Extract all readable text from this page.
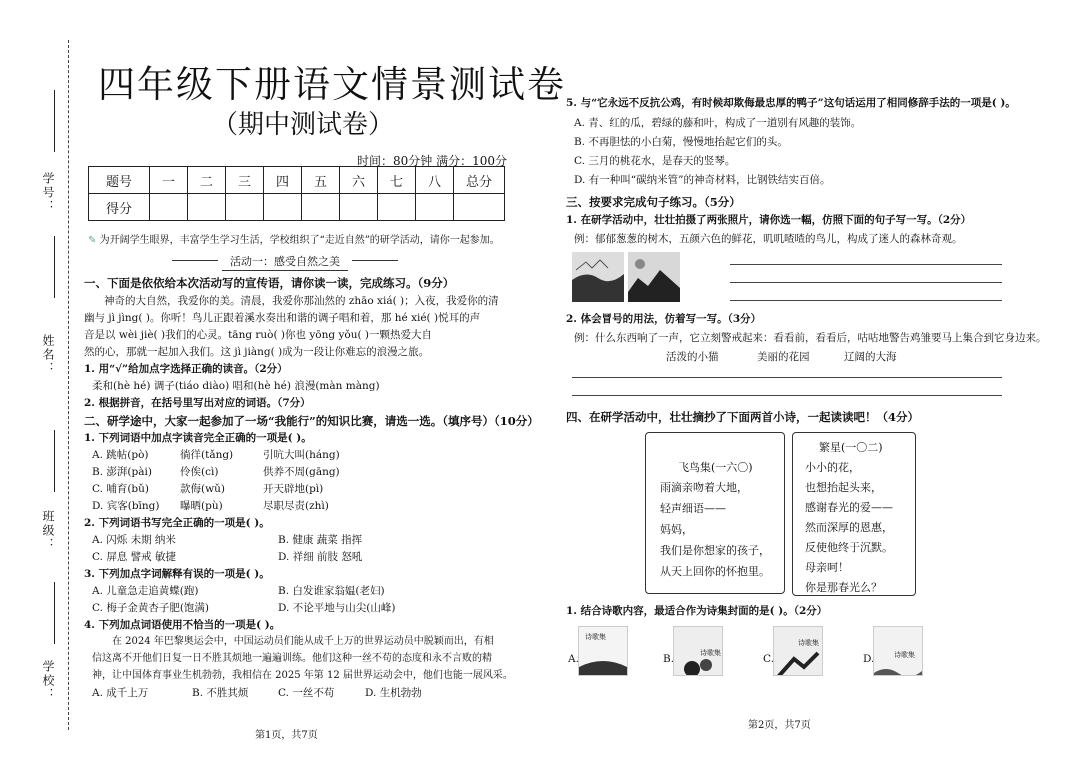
学号：
姓名：
班级：
学校：
四年级下册语文情景测试卷
（期中测试卷）
时间：80分钟 满分：100分
题号	一	二	三	四	五	六	七	八	总分
得分									
✎ 为开阔学生眼界，丰富学生学习生活，学校组织了“走近自然”的研学活动，请你一起参加。
活动一：感受自然之美
一、下面是依依给本次活动写的宣传语，请你读一读，完成练习。（9分）
神奇的大自然，我爱你的美。清晨，我爱你那汕然的 zhāo xiá( )；入夜，我爱你的清
幽与 jì jìng( )。你听！鸟儿正跟着溪水奏出和谐的调子唱和着，那 hé xié( )悦耳的声
音是以 wèi jiè( )我们的心灵。tāng ruò( )你也 yōng yǒu( )一颗热爱大自
然的心，那就一起加入我们。这 jì jiàng( )成为一段让你难忘的浪漫之旅。
1. 用“√”给加点字选择正确的读音。（2分）
柔和(hè hé) 调子(tiáo diào) 唱和(hè hé) 浪漫(màn màng)
2. 根据拼音，在括号里写出对应的词语。（7分）
二、研学途中，大家一起参加了一场“我能行”的知识比赛，请选一选。（填序号）（10分）
1. 下列词语中加点字读音完全正确的一项是( )。
A. 跳帖(pò)	徜徉(tǎng)	引吭大叫(háng)
B. 澎湃(pài)	伶俟(cì)	供养不周(gāng)
C. 哺育(bǔ)	款侮(wǔ)	开天辟地(pì)
D. 宾客(bīng) 曝晒(pù)	尽职尽责(zhì)
2. 下列词语书写完全正确的一项是( )。
A. 闪烁 未期 纳米	B. 健康 蔬菜 指挥
C. 屏息 譬戒 敏捷	D. 祥细 前肢 怒吼
3. 下列加点字词解释有误的一项是( )。
A. 儿童急走追黄蝶(跑)	B. 白发谁家翁媪(老妇)
C. 梅子金黄杏子肥(饱满)	D. 不论平地与山尖(山峰)
4. 下列加点词语使用不恰当的一项是( )。
在 2024 年巴黎奥运会中，中国运动员们能从成千上万的世界运动员中脱颖而出，有相
信这离不开他们日复一日不胜其烦地一遍遍训练。他们这种一丝不苟的态度和永不言败的精
神，让中国体育事业生机勃勃，我相信在 2025 年第 12 届世界运动会中，他们也能一展风采。
A. 成千上万	B. 不胜其烦	C. 一丝不苟	D. 生机勃勃
第1页，共7页
5. 与“它永远不反抗公鸡，有时候却欺侮最忠厚的鸭子”这句话运用了相同修辞手法的一项是( )。
A. 青、红的瓜，碧绿的藤和叶，构成了一道别有风趣的装饰。
B. 不再胆怯的小白菊，慢慢地抬起它们的头。
C. 三月的桃花水，是春天的竖琴。
D. 有一种叫“碳纳米管”的神奇材料，比钢铁结实百倍。
三、按要求完成句子练习。（5分）
1. 在研学活动中，壮壮拍摄了两张照片，请你选一幅，仿照下面的句子写一写。（2分）
例：郁郁葱葱的树木，五颜六色的鲜花，叽叽喳喳的鸟儿，构成了迷人的森林奇观。
2. 体会冒号的用法，仿着写一写。（3分）
例：什么东西响了一声，它立刻警戒起来：看看前，看看后，咕咕地警告鸡雏要马上集合到它身边来。
活泼的小猫	美丽的花园	辽阔的大海
四、在研学活动中，壮壮摘抄了下面两首小诗，一起读读吧！（4分）
飞鸟集(一六〇)
雨滴亲吻着大地，
轻声细语——
妈妈，
我们是你想家的孩子，
从天上回你的怀抱里。
繁星(一〇二)
小小的花，
也想抬起头来，
感谢春光的爱——
然而深厚的恩惠，
反使他终于沉默。
母亲呵！
你是那春光么？
1. 结合诗歌内容，最适合作为诗集封面的是( )。（2分）
A.
诗歌集
B.	诗歌集	C.
诗歌集
D.	诗歌集
第2页，共7页
